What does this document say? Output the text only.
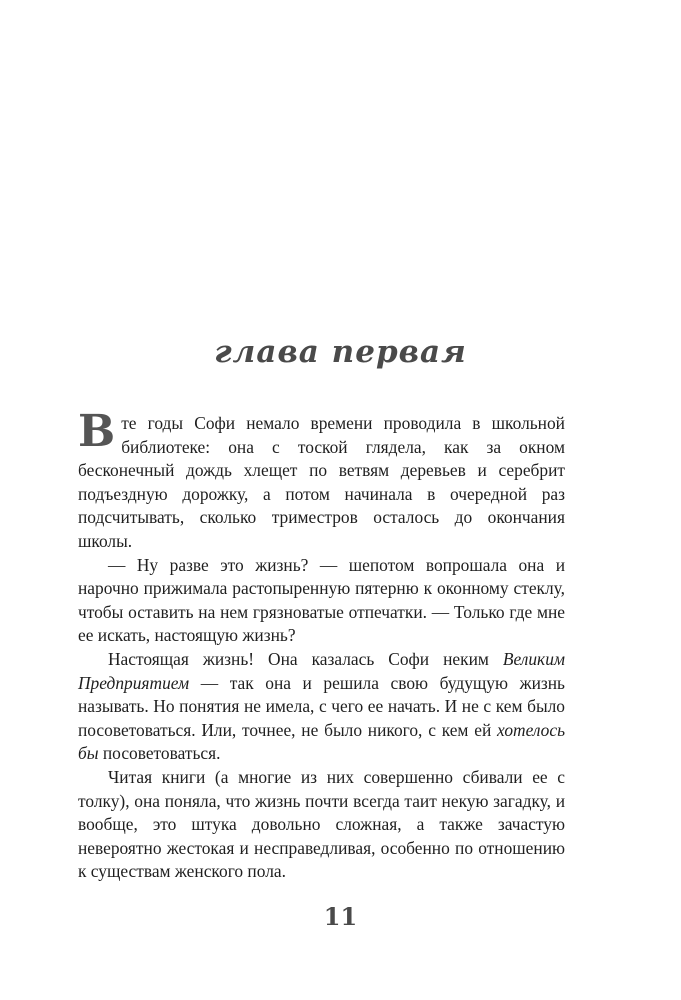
глава первая

В те годы Софи немало времени проводила в школьной библиотеке: она с тоской глядела, как за окном бесконечный дождь хлещет по ветвям деревьев и серебрит подъездную дорожку, а потом начинала в очередной раз подсчитывать, сколько триместров осталось до окончания школы.

— Ну разве это жизнь? — шепотом вопрошала она и нарочно прижимала растопыренную пятерню к оконному стеклу, чтобы оставить на нем грязноватые отпечатки. — Только где мне ее искать, настоящую жизнь?

Настоящая жизнь! Она казалась Софи неким Великим Предприятием — так она и решила свою будущую жизнь называть. Но понятия не имела, с чего ее начать. И не с кем было посоветоваться. Или, точнее, не было никого, с кем ей хотелось бы посоветоваться.

Читая книги (а многие из них совершенно сбивали ее с толку), она поняла, что жизнь почти всегда таит некую загадку, и вообще, это штука довольно сложная, а также зачастую невероятно жестокая и несправедливая, особенно по отношению к существам женского пола.

11
